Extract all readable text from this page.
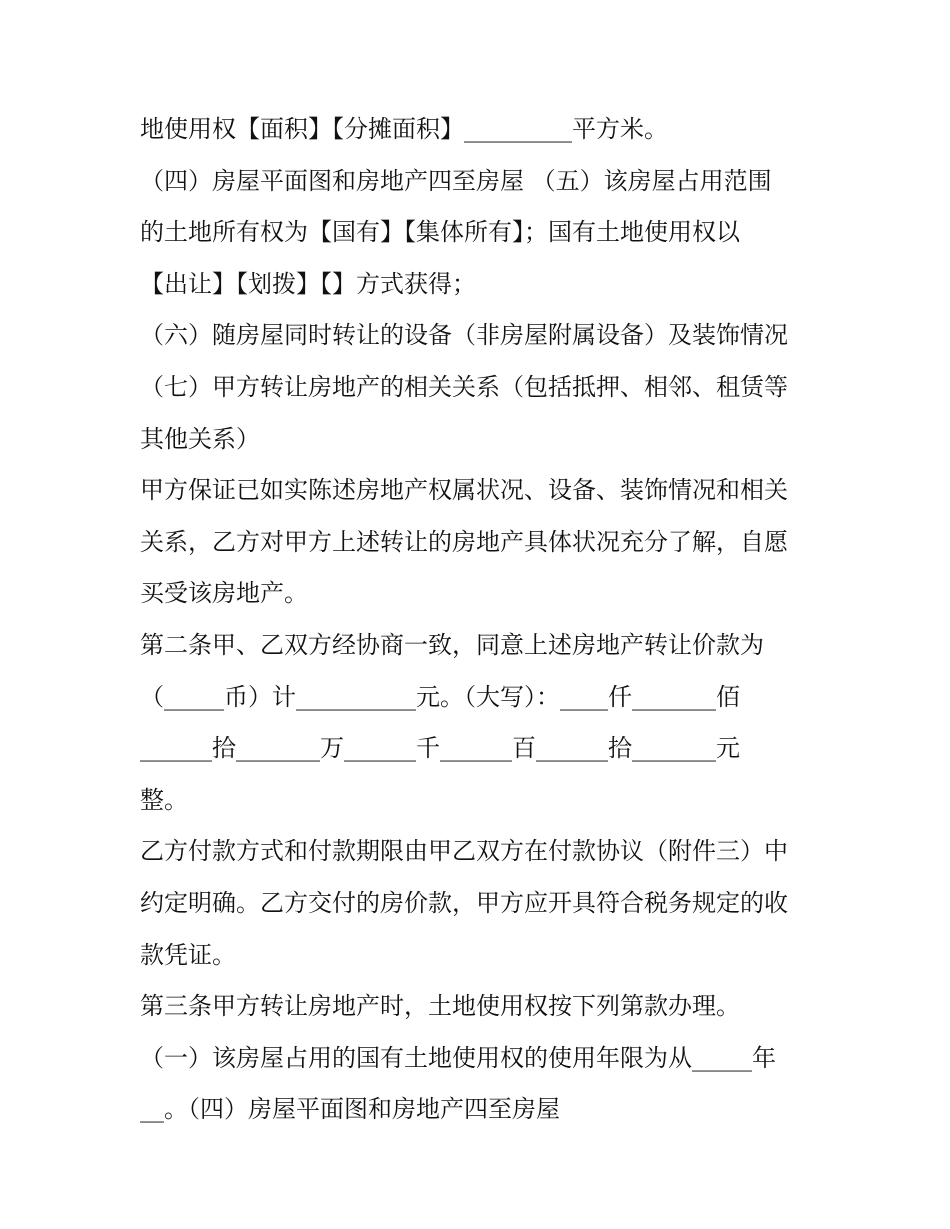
地使用权【面积】【分摊面积】_________平方米。
（四）房屋平面图和房地产四至房屋 （五）该房屋占用范围
的土地所有权为【国有】【集体所有】；国有土地使用权以
【出让】【划拨】【】方式获得；
（六）随房屋同时转让的设备（非房屋附属设备）及装饰情况
（七）甲方转让房地产的相关关系（包括抵押、相邻、租赁等
其他关系）
甲方保证已如实陈述房地产权属状况、设备、装饰情况和相关
关系，乙方对甲方上述转让的房地产具体状况充分了解，自愿
买受该房地产。
第二条甲、乙双方经协商一致，同意上述房地产转让价款为
（_____币）计__________元。（大写）：____仟_______佰
______拾_______万______千______百______拾_______元
整。
乙方付款方式和付款期限由甲乙双方在付款协议（附件三）中
约定明确。乙方交付的房价款，甲方应开具符合税务规定的收
款凭证。
第三条甲方转让房地产时，土地使用权按下列第款办理。
（一）该房屋占用的国有土地使用权的使用年限为从_____年
__。（四）房屋平面图和房地产四至房屋
